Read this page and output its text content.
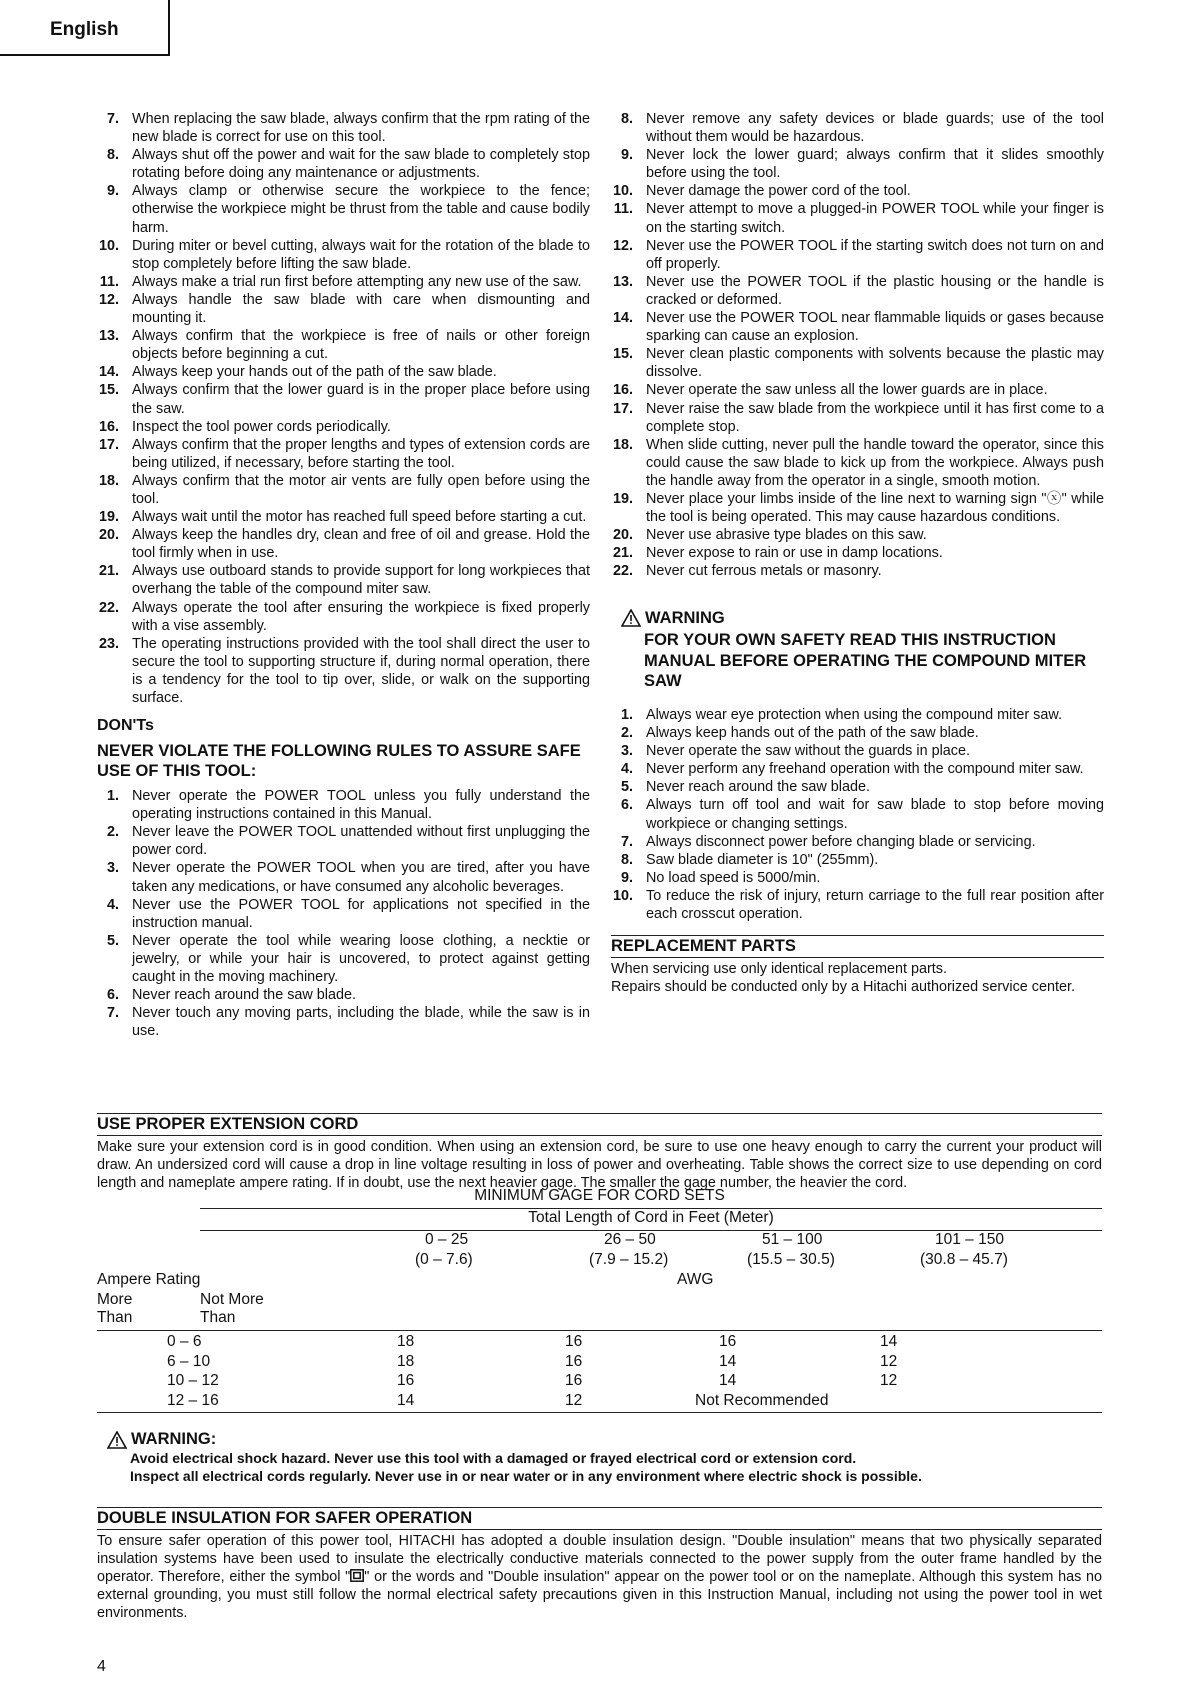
English
7. When replacing the saw blade, always confirm that the rpm rating of the new blade is correct for use on this tool.
8. Always shut off the power and wait for the saw blade to completely stop rotating before doing any maintenance or adjustments.
9. Always clamp or otherwise secure the workpiece to the fence; otherwise the workpiece might be thrust from the table and cause bodily harm.
10. During miter or bevel cutting, always wait for the rotation of the blade to stop completely before lifting the saw blade.
11. Always make a trial run first before attempting any new use of the saw.
12. Always handle the saw blade with care when dismounting and mounting it.
13. Always confirm that the workpiece is free of nails or other foreign objects before beginning a cut.
14. Always keep your hands out of the path of the saw blade.
15. Always confirm that the lower guard is in the proper place before using the saw.
16. Inspect the tool power cords periodically.
17. Always confirm that the proper lengths and types of extension cords are being utilized, if necessary, before starting the tool.
18. Always confirm that the motor air vents are fully open before using the tool.
19. Always wait until the motor has reached full speed before starting a cut.
20. Always keep the handles dry, clean and free of oil and grease. Hold the tool firmly when in use.
21. Always use outboard stands to provide support for long workpieces that overhang the table of the compound miter saw.
22. Always operate the tool after ensuring the workpiece is fixed properly with a vise assembly.
23. The operating instructions provided with the tool shall direct the user to secure the tool to supporting structure if, during normal operation, there is a tendency for the tool to tip over, slide, or walk on the supporting surface.
DON'Ts
NEVER VIOLATE THE FOLLOWING RULES TO ASSURE SAFE USE OF THIS TOOL:
1. Never operate the POWER TOOL unless you fully understand the operating instructions contained in this Manual.
2. Never leave the POWER TOOL unattended without first unplugging the power cord.
3. Never operate the POWER TOOL when you are tired, after you have taken any medications, or have consumed any alcoholic beverages.
4. Never use the POWER TOOL for applications not specified in the instruction manual.
5. Never operate the tool while wearing loose clothing, a necktie or jewelry, or while your hair is uncovered, to protect against getting caught in the moving machinery.
6. Never reach around the saw blade.
7. Never touch any moving parts, including the blade, while the saw is in use.
8. Never remove any safety devices or blade guards; use of the tool without them would be hazardous.
9. Never lock the lower guard; always confirm that it slides smoothly before using the tool.
10. Never damage the power cord of the tool.
11. Never attempt to move a plugged-in POWER TOOL while your finger is on the starting switch.
12. Never use the POWER TOOL if the starting switch does not turn on and off properly.
13. Never use the POWER TOOL if the plastic housing or the handle is cracked or deformed.
14. Never use the POWER TOOL near flammable liquids or gases because sparking can cause an explosion.
15. Never clean plastic components with solvents because the plastic may dissolve.
16. Never operate the saw unless all the lower guards are in place.
17. Never raise the saw blade from the workpiece until it has first come to a complete stop.
18. When slide cutting, never pull the handle toward the operator, since this could cause the saw blade to kick up from the workpiece. Always push the handle away from the operator in a single, smooth motion.
19. Never place your limbs inside of the line next to warning sign "ⓧ" while the tool is being operated. This may cause hazardous conditions.
20. Never use abrasive type blades on this saw.
21. Never expose to rain or use in damp locations.
22. Never cut ferrous metals or masonry.
WARNING
FOR YOUR OWN SAFETY READ THIS INSTRUCTION MANUAL BEFORE OPERATING THE COMPOUND MITER SAW
1. Always wear eye protection when using the compound miter saw.
2. Always keep hands out of the path of the saw blade.
3. Never operate the saw without the guards in place.
4. Never perform any freehand operation with the compound miter saw.
5. Never reach around the saw blade.
6. Always turn off tool and wait for saw blade to stop before moving workpiece or changing settings.
7. Always disconnect power before changing blade or servicing.
8. Saw blade diameter is 10" (255mm).
9. No load speed is 5000/min.
10. To reduce the risk of injury, return carriage to the full rear position after each crosscut operation.
REPLACEMENT PARTS
When servicing use only identical replacement parts.
Repairs should be conducted only by a Hitachi authorized service center.
USE PROPER EXTENSION CORD
Make sure your extension cord is in good condition. When using an extension cord, be sure to use one heavy enough to carry the current your product will draw. An undersized cord will cause a drop in line voltage resulting in loss of power and overheating. Table shows the correct size to use depending on cord length and nameplate ampere rating. If in doubt, use the next heavier gage. The smaller the gage number, the heavier the cord.
MINIMUM GAGE FOR CORD SETS
Total Length of Cord in Feet (Meter)
0 – 25	26 – 50	51 – 100	101 – 150
(0 – 7.6)	(7.9 – 15.2)	(15.5 – 30.5)	(30.8 – 45.7)
Ampere Rating	AWG
More	Not More
Than	Than
0 – 6	18	16	16	14
6 – 10	18	16	14	12
10 – 12	16	16	14	12
12 – 16	14	12	Not Recommended
WARNING:
Avoid electrical shock hazard. Never use this tool with a damaged or frayed electrical cord or extension cord.
Inspect all electrical cords regularly. Never use in or near water or in any environment where electric shock is possible.
DOUBLE INSULATION FOR SAFER OPERATION
To ensure safer operation of this power tool, HITACHI has adopted a double insulation design. "Double insulation" means that two physically separated insulation systems have been used to insulate the electrically conductive materials connected to the power supply from the outer frame handled by the operator. Therefore, either the symbol " " or the words and "Double insulation" appear on the power tool or on the nameplate. Although this system has no external grounding, you must still follow the normal electrical safety precautions given in this Instruction Manual, including not using the power tool in wet environments.
4
